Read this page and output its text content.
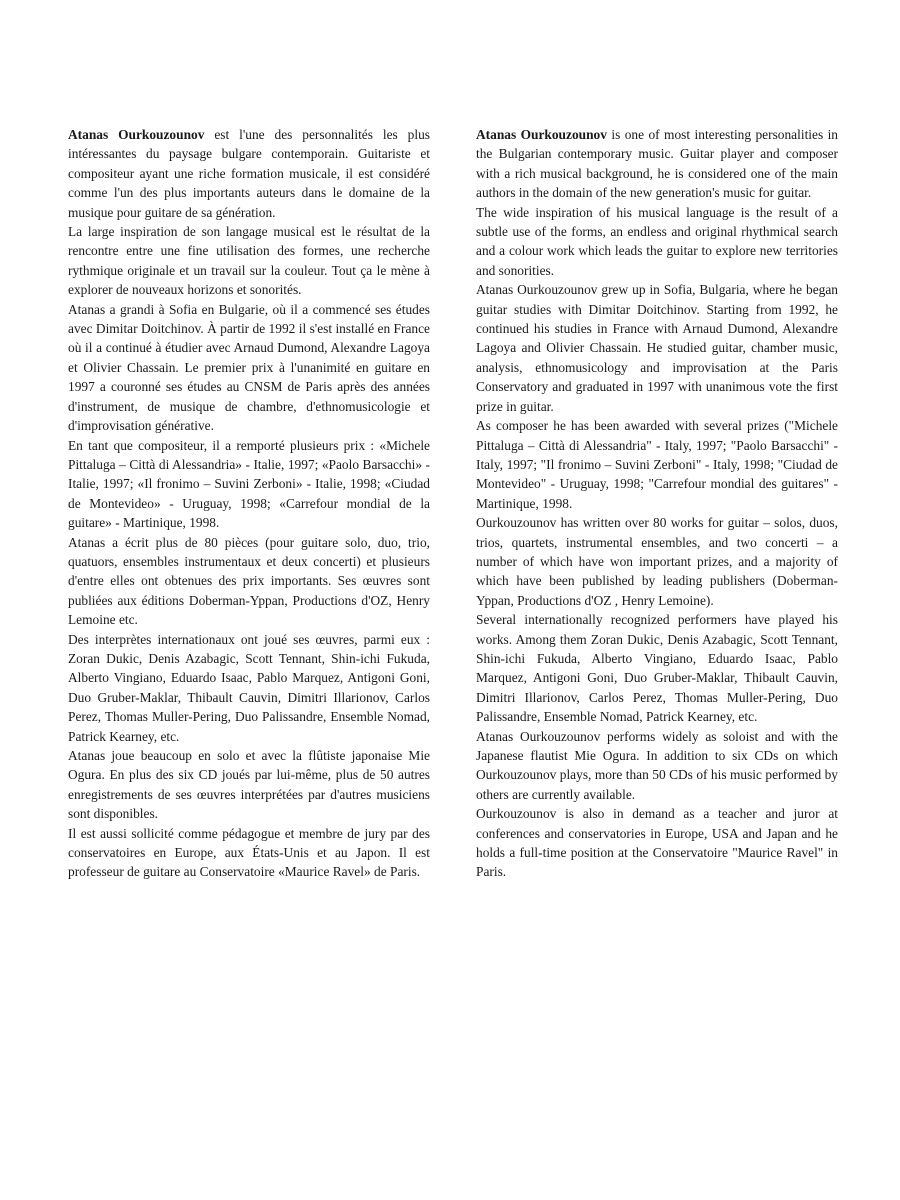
Atanas Ourkouzounov est l'une des personnalités les plus intéressantes du paysage bulgare contemporain. Guitariste et compositeur ayant une riche formation musicale, il est considéré comme l'un des plus importants auteurs dans le domaine de la musique pour guitare de sa génération.

La large inspiration de son langage musical est le résultat de la rencontre entre une fine utilisation des formes, une recherche rythmique originale et un travail sur la couleur. Tout ça le mène à explorer de nouveaux horizons et sonorités.

Atanas a grandi à Sofia en Bulgarie, où il a commencé ses études avec Dimitar Doitchinov. À partir de 1992 il s'est installé en France où il a continué à étudier avec Arnaud Dumond, Alexandre Lagoya et Olivier Chassain. Le premier prix à l'unanimité en guitare en 1997 a couronné ses études au CNSM de Paris après des années d'instrument, de musique de chambre, d'ethnomusicologie et d'improvisation générative.

En tant que compositeur, il a remporté plusieurs prix : «Michele Pittaluga – Città di Alessandria» - Italie, 1997; «Paolo Barsacchi» - Italie, 1997; «Il fronimo – Suvini Zerboni» - Italie, 1998; «Ciudad de Montevideo» - Uruguay, 1998; «Carrefour mondial de la guitare» - Martinique, 1998.

Atanas a écrit plus de 80 pièces (pour guitare solo, duo, trio, quatuors, ensembles instrumentaux et deux concerti) et plusieurs d'entre elles ont obtenues des prix importants. Ses œuvres sont publiées aux éditions Doberman-Yppan, Productions d'OZ, Henry Lemoine etc.

Des interprètes internationaux ont joué ses œuvres, parmi eux : Zoran Dukic, Denis Azabagic, Scott Tennant, Shin-ichi Fukuda, Alberto Vingiano, Eduardo Isaac, Pablo Marquez, Antigoni Goni, Duo Gruber-Maklar, Thibault Cauvin, Dimitri Illarionov, Carlos Perez, Thomas Muller-Pering, Duo Palissandre, Ensemble Nomad, Patrick Kearney, etc.

Atanas joue beaucoup en solo et avec la flûtiste japonaise Mie Ogura. En plus des six CD joués par lui-même, plus de 50 autres enregistrements de ses œuvres interprétées par d'autres musiciens sont disponibles.

Il est aussi sollicité comme pédagogue et membre de jury par des conservatoires en Europe, aux États-Unis et au Japon. Il est professeur de guitare au Conservatoire «Maurice Ravel» de Paris.

Atanas Ourkouzounov is one of most interesting personalities in the Bulgarian contemporary music. Guitar player and composer with a rich musical background, he is considered one of the main authors in the domain of the new generation's music for guitar.

The wide inspiration of his musical language is the result of a subtle use of the forms, an endless and original rhythmical search and a colour work which leads the guitar to explore new territories and sonorities.

Atanas Ourkouzounov grew up in Sofia, Bulgaria, where he began guitar studies with Dimitar Doitchinov. Starting from 1992, he continued his studies in France with Arnaud Dumond, Alexandre Lagoya and Olivier Chassain. He studied guitar, chamber music, analysis, ethnomusicology and improvisation at the Paris Conservatory and graduated in 1997 with unanimous vote the first prize in guitar.

As composer he has been awarded with several prizes ("Michele Pittaluga – Città di Alessandria" - Italy, 1997; "Paolo Barsacchi" - Italy, 1997; "Il fronimo – Suvini Zerboni" - Italy, 1998; "Ciudad de Montevideo" - Uruguay, 1998; "Carrefour mondial des guitares" - Martinique, 1998.

Ourkouzounov has written over 80 works for guitar – solos, duos, trios, quartets, instrumental ensembles, and two concerti – a number of which have won important prizes, and a majority of which have been published by leading publishers (Doberman-Yppan, Productions d'OZ , Henry Lemoine).

Several internationally recognized performers have played his works. Among them Zoran Dukic, Denis Azabagic, Scott Tennant, Shin-ichi Fukuda, Alberto Vingiano, Eduardo Isaac, Pablo Marquez, Antigoni Goni, Duo Gruber-Maklar, Thibault Cauvin, Dimitri Illarionov, Carlos Perez, Thomas Muller-Pering, Duo Palissandre, Ensemble Nomad, Patrick Kearney, etc.

Atanas Ourkouzounov performs widely as soloist and with the Japanese flautist Mie Ogura. In addition to six CDs on which Ourkouzounov plays, more than 50 CDs of his music performed by others are currently available.

Ourkouzounov is also in demand as a teacher and juror at conferences and conservatories in Europe, USA and Japan and he holds a full-time position at the Conservatoire "Maurice Ravel" in Paris.
